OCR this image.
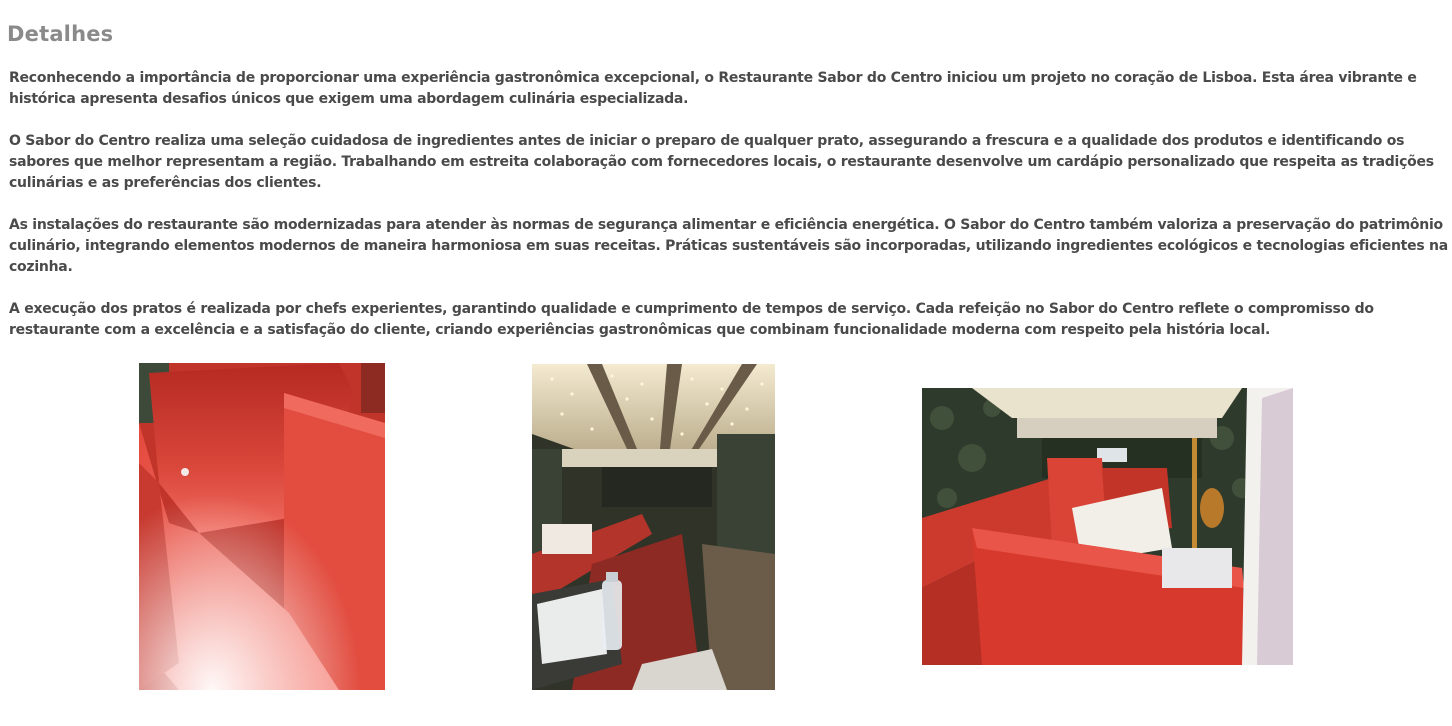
Detalhes

Reconhecendo a importância de proporcionar uma experiência gastronômica excepcional, o Restaurante Sabor do Centro iniciou um projeto no coração de Lisboa. Esta área vibrante e histórica apresenta desafios únicos que exigem uma abordagem culinária especializada.

O Sabor do Centro realiza uma seleção cuidadosa de ingredientes antes de iniciar o preparo de qualquer prato, assegurando a frescura e a qualidade dos produtos e identificando os sabores que melhor representam a região. Trabalhando em estreita colaboração com fornecedores locais, o restaurante desenvolve um cardápio personalizado que respeita as tradições culinárias e as preferências dos clientes.

As instalações do restaurante são modernizadas para atender às normas de segurança alimentar e eficiência energética. O Sabor do Centro também valoriza a preservação do patrimônio culinário, integrando elementos modernos de maneira harmoniosa em suas receitas. Práticas sustentáveis são incorporadas, utilizando ingredientes ecológicos e tecnologias eficientes na cozinha.

A execução dos pratos é realizada por chefs experientes, garantindo qualidade e cumprimento de tempos de serviço. Cada refeição no Sabor do Centro reflete o compromisso do restaurante com a excelência e a satisfação do cliente, criando experiências gastronômicas que combinam funcionalidade moderna com respeito pela história local.
